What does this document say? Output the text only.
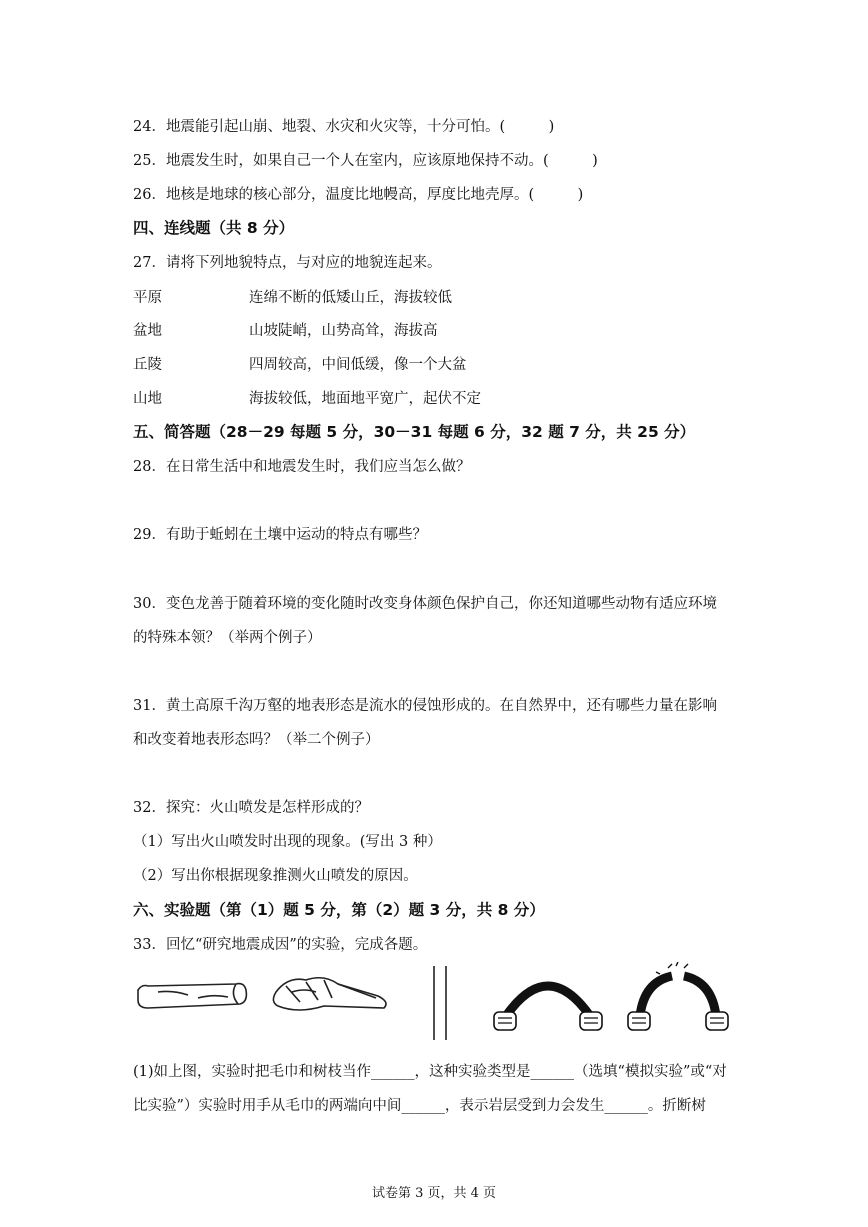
24．地震能引起山崩、地裂、水灾和火灾等，十分可怕。(　　　)
25．地震发生时，如果自己一个人在室内，应该原地保持不动。(　　　)
26．地核是地球的核心部分，温度比地幔高，厚度比地壳厚。(　　　)
四、连线题（共 8 分）
27．请将下列地貌特点，与对应的地貌连起来。
平原	连绵不断的低矮山丘，海拔较低
盆地	山坡陡峭，山势高耸，海拔高
丘陵	四周较高，中间低缓，像一个大盆
山地	海拔较低，地面地平宽广，起伏不定
五、简答题（28－29 每题 5 分，30－31 每题 6 分，32 题 7 分，共 25 分）
28．在日常生活中和地震发生时，我们应当怎么做？
29．有助于蚯蚓在土壤中运动的特点有哪些？
30．变色龙善于随着环境的变化随时改变身体颜色保护自己，你还知道哪些动物有适应环境
的特殊本领？（举两个例子）
31．黄土高原千沟万壑的地表形态是流水的侵蚀形成的。在自然界中，还有哪些力量在影响
和改变着地表形态吗？（举二个例子）
32．探究：火山喷发是怎样形成的？
（1）写出火山喷发时出现的现象。(写出 3 种）
（2）写出你根据现象推测火山喷发的原因。
六、实验题（第（1）题 5 分，第（2）题 3 分，共 8 分）
33．回忆“研究地震成因”的实验，完成各题。
(1)如上图，实验时把毛巾和树枝当作______，这种实验类型是______（选填“模拟实验”或“对
比实验”）实验时用手从毛巾的两端向中间______，表示岩层受到力会发生______。折断树
试卷第 3 页，共 4 页
